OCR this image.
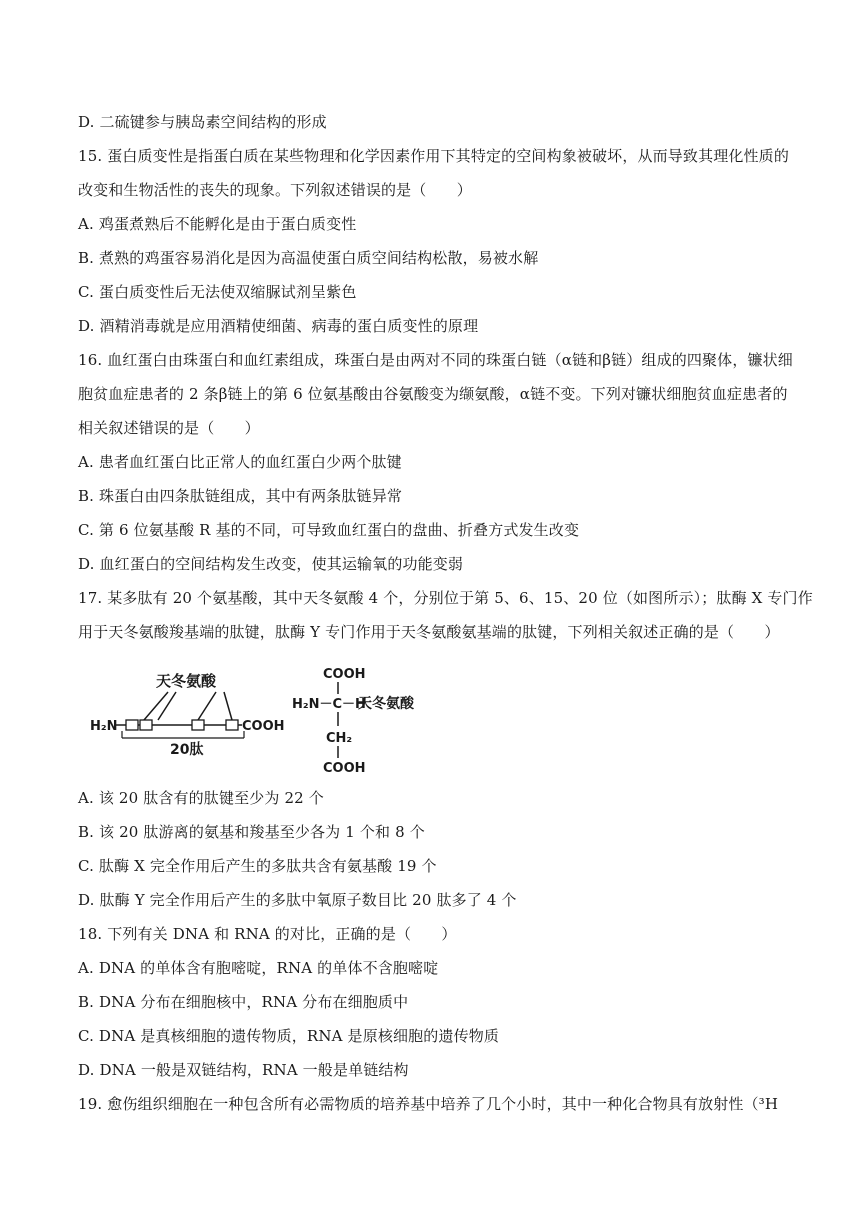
D. 二硫键参与胰岛素空间结构的形成
15. 蛋白质变性是指蛋白质在某些物理和化学因素作用下其特定的空间构象被破坏，从而导致其理化性质的
改变和生物活性的丧失的现象。下列叙述错误的是（　　）
A. 鸡蛋煮熟后不能孵化是由于蛋白质变性
B. 煮熟的鸡蛋容易消化是因为高温使蛋白质空间结构松散，易被水解
C. 蛋白质变性后无法使双缩脲试剂呈紫色
D. 酒精消毒就是应用酒精使细菌、病毒的蛋白质变性的原理
16. 血红蛋白由珠蛋白和血红素组成，珠蛋白是由两对不同的珠蛋白链（α链和β链）组成的四聚体，镰状细
胞贫血症患者的 2 条β链上的第 6 位氨基酸由谷氨酸变为缬氨酸，α链不变。下列对镰状细胞贫血症患者的
相关叙述错误的是（　　）
A. 患者血红蛋白比正常人的血红蛋白少两个肽键
B. 珠蛋白由四条肽链组成，其中有两条肽链异常
C. 第 6 位氨基酸 R 基的不同，可导致血红蛋白的盘曲、折叠方式发生改变
D. 血红蛋白的空间结构发生改变，使其运输氧的功能变弱
17. 某多肽有 20 个氨基酸，其中天冬氨酸 4 个，分别位于第 5、6、15、20 位（如图所示）；肽酶 X 专门作
用于天冬氨酸羧基端的肽键，肽酶 Y 专门作用于天冬氨酸氨基端的肽键，下列相关叙述正确的是（　　）
天冬氨酸
H₂N	COOH
20肽
COOH
H₂N－C－H
天冬氨酸
CH₂
COOH
A. 该 20 肽含有的肽键至少为 22 个
B. 该 20 肽游离的氨基和羧基至少各为 1 个和 8 个
C. 肽酶 X 完全作用后产生的多肽共含有氨基酸 19 个
D. 肽酶 Y 完全作用后产生的多肽中氧原子数目比 20 肽多了 4 个
18. 下列有关 DNA 和 RNA 的对比，正确的是（　　）
A. DNA 的单体含有胞嘧啶，RNA 的单体不含胞嘧啶
B. DNA 分布在细胞核中，RNA 分布在细胞质中
C. DNA 是真核细胞的遗传物质，RNA 是原核细胞的遗传物质
D. DNA 一般是双链结构，RNA 一般是单链结构
19. 愈伤组织细胞在一种包含所有必需物质的培养基中培养了几个小时，其中一种化合物具有放射性（³H
